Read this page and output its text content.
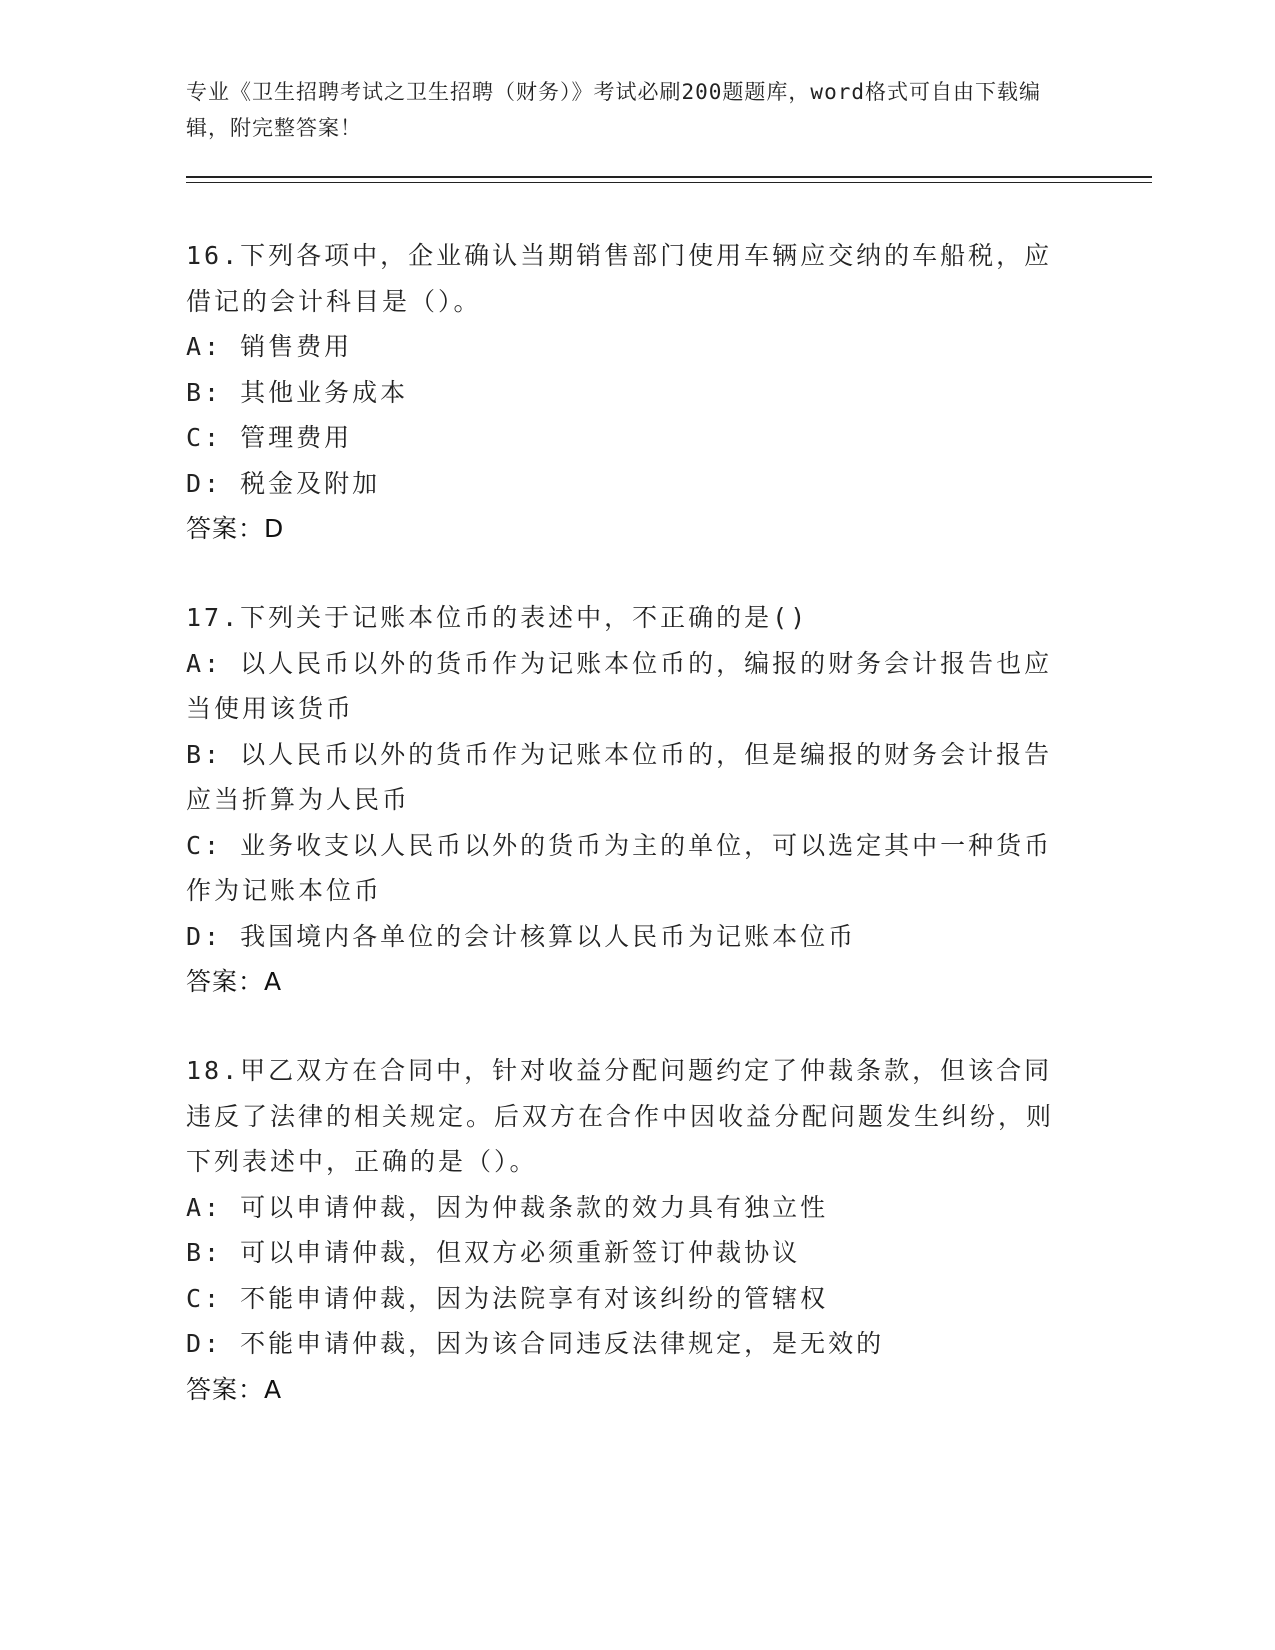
专业《卫生招聘考试之卫生招聘（财务）》考试必刷200题题库，word格式可自由下载编辑，附完整答案！
16.下列各项中，企业确认当期销售部门使用车辆应交纳的车船税，应借记的会计科目是（）。
A: 销售费用
B: 其他业务成本
C: 管理费用
D: 税金及附加
答案：D
17.下列关于记账本位币的表述中，不正确的是()
A: 以人民币以外的货币作为记账本位币的，编报的财务会计报告也应当使用该货币
B: 以人民币以外的货币作为记账本位币的，但是编报的财务会计报告应当折算为人民币
C: 业务收支以人民币以外的货币为主的单位，可以选定其中一种货币作为记账本位币
D: 我国境内各单位的会计核算以人民币为记账本位币
答案：A
18.甲乙双方在合同中，针对收益分配问题约定了仲裁条款，但该合同违反了法律的相关规定。后双方在合作中因收益分配问题发生纠纷，则下列表述中，正确的是（）。
A: 可以申请仲裁，因为仲裁条款的效力具有独立性
B: 可以申请仲裁，但双方必须重新签订仲裁协议
C: 不能申请仲裁，因为法院享有对该纠纷的管辖权
D: 不能申请仲裁，因为该合同违反法律规定，是无效的
答案：A
